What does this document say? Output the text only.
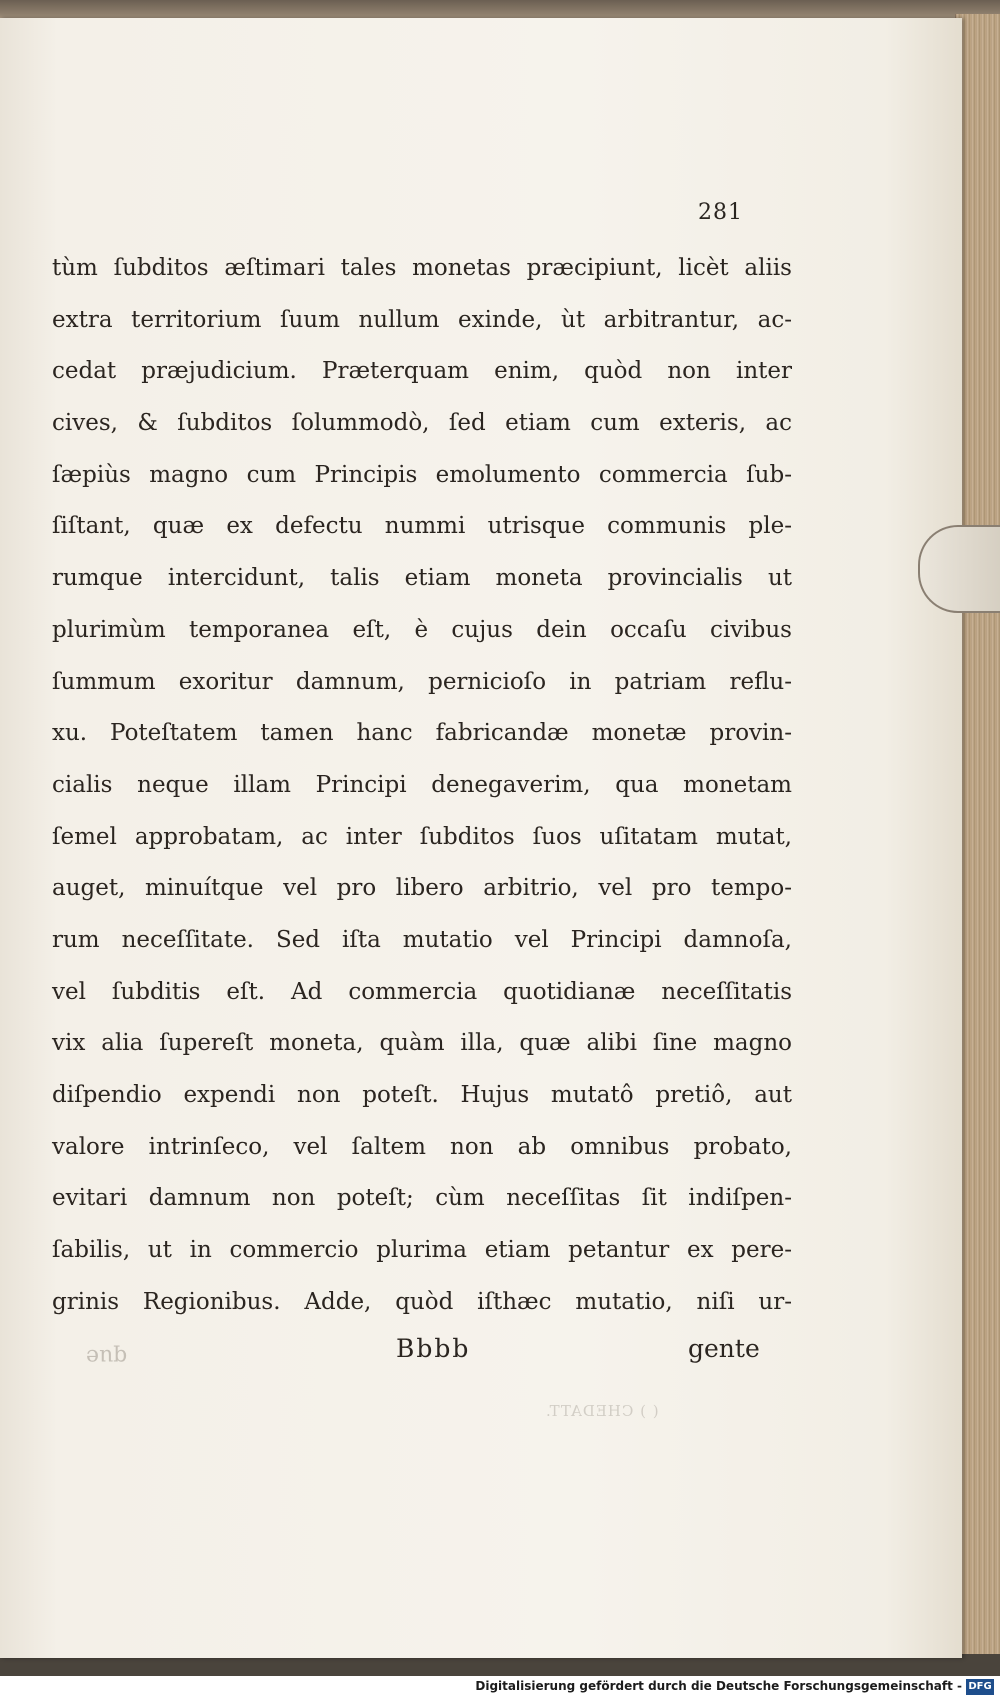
281
tùm ſubditos æſtimari tales monetas præcipiunt, licèt aliis
extra territorium ſuum nullum exinde, ùt arbitrantur, ac-
cedat præjudicium. Præterquam enim, quòd non inter
cives, & ſubditos ſolummodò, ſed etiam cum exteris, ac
ſæpiùs magno cum Principis emolumento commercia ſub-
ſiſtant, quæ ex defectu nummi utrisque communis ple-
rumque intercidunt, talis etiam moneta provincialis ut
plurimùm temporanea eſt, è cujus dein occaſu civibus
ſummum exoritur damnum, pernicioſo in patriam reflu-
xu. Poteſtatem tamen hanc fabricandæ monetæ provin-
cialis neque illam Principi denegaverim, qua monetam
ſemel approbatam, ac inter ſubditos ſuos uſitatam mutat,
auget, minuítque vel pro libero arbitrio, vel pro tempo-
rum neceſſitate. Sed iſta mutatio vel Principi damnoſa,
vel ſubditis eſt. Ad commercia quotidianæ neceſſitatis
vix alia ſupereſt moneta, quàm illa, quæ alibi ſine magno
diſpendio expendi non poteſt. Hujus mutatô pretiô, aut
valore intrinſeco, vel ſaltem non ab omnibus probato,
evitari damnum non poteſt; cùm neceſſitas ſit indiſpen-
ſabilis, ut in commercio plurima etiam petantur ex pere-
grinis Regionibus. Adde, quòd iſthæc mutatio, niſi ur-
Bbbb	gente
que
( ) CHEDATT.
Digitalisierung gefördert durch die Deutsche Forschungsgemeinschaft - DFG
